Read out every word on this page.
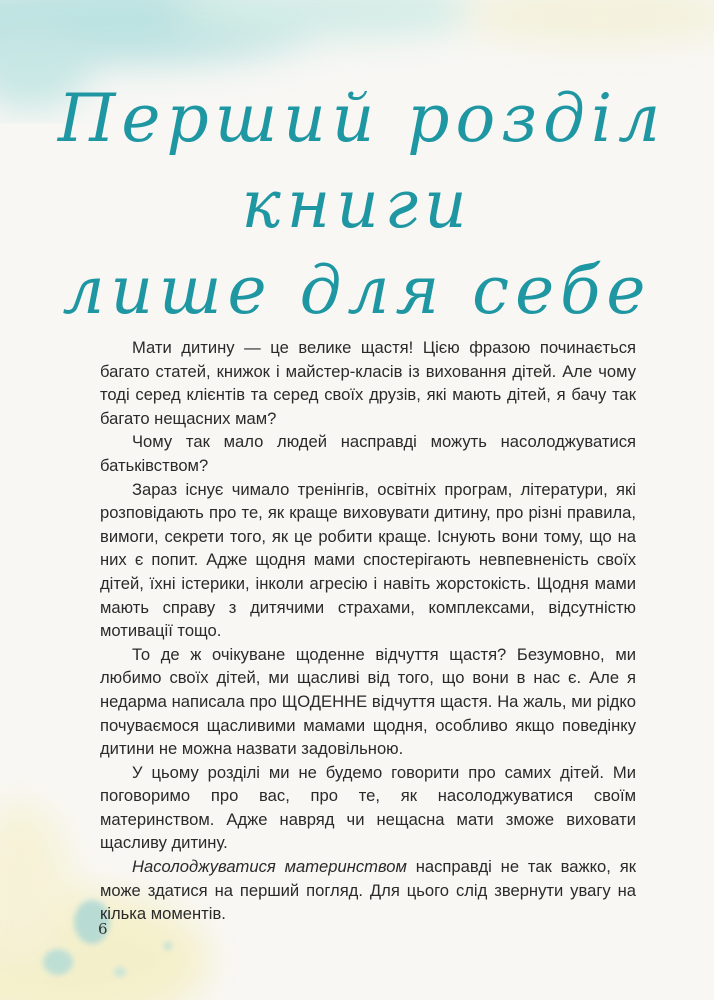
Перший розділ
книги
лише для себе

Мати дитину — це велике щастя! Цією фразою починається багато статей, книжок і майстер-класів із виховання дітей. Але чому тоді серед клієнтів та серед своїх друзів, які мають дітей, я бачу так багато нещасних мам?

Чому так мало людей насправді можуть насолоджуватися батьківством?

Зараз існує чимало тренінгів, освітніх програм, літератури, які розповідають про те, як краще виховувати дитину, про різні правила, вимоги, секрети того, як це робити краще. Існують вони тому, що на них є попит. Адже щодня мами спостерігають невпевненість своїх дітей, їхні істерики, інколи агресію і навіть жорстокість. Щодня мами мають справу з дитячими страхами, комплексами, відсутністю мотивації тощо.

То де ж очікуване щоденне відчуття щастя? Безумовно, ми любимо своїх дітей, ми щасливі від того, що вони в нас є. Але я недарма написала про ЩОДЕННЕ відчуття щастя. На жаль, ми рідко почуваємося щасливими мамами щодня, особливо якщо поведінку дитини не можна назвати задовільною.

У цьому розділі ми не будемо говорити про самих дітей. Ми поговоримо про вас, про те, як насолоджуватися своїм материнством. Адже навряд чи нещасна мати зможе виховати щасливу дитину.

Насолоджуватися материнством насправді не так важко, як може здатися на перший погляд. Для цього слід звернути увагу на кілька моментів.

6
